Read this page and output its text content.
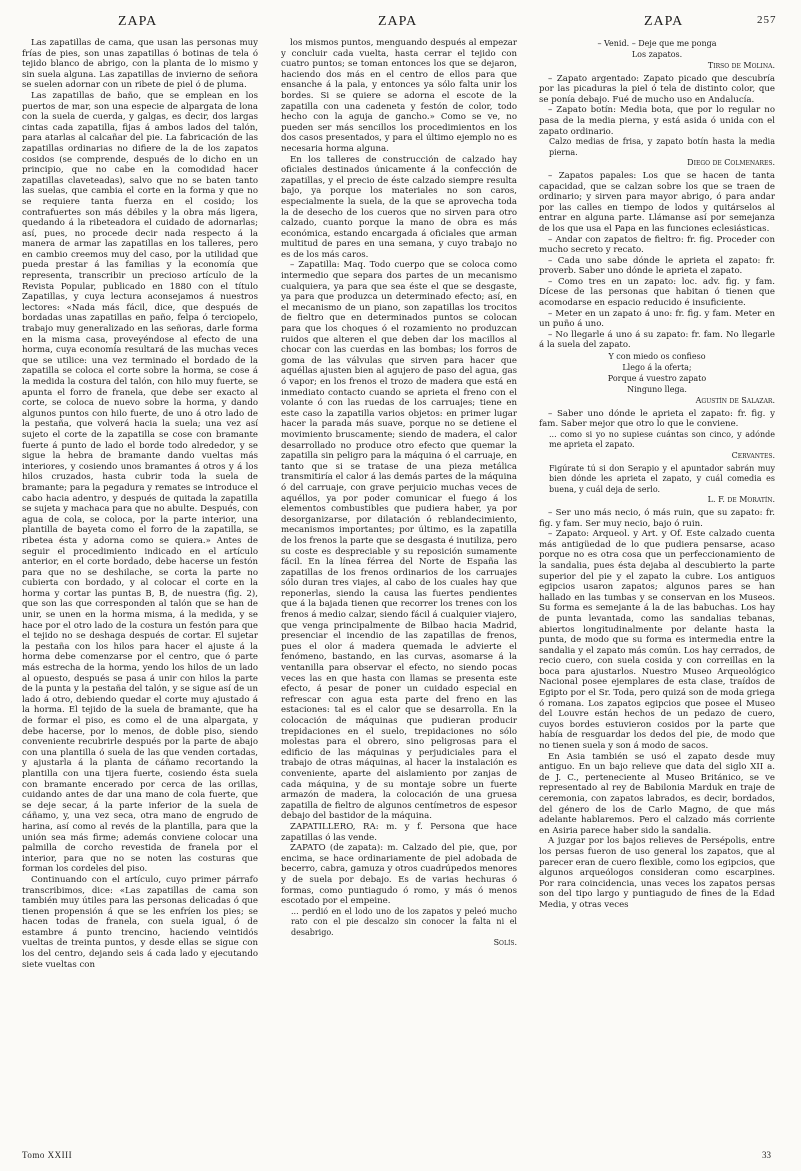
ZAPA	ZAPA	ZAPA	257

Las zapatillas de cama, que usan las personas muy frías de pies, son unas zapatillas ó botinas de tela ó tejido blanco de abrigo, con la planta de lo mismo y sin suela alguna. Las zapatillas de invierno de señora se suelen adornar con un ribete de piel ó de pluma.

Las zapatillas de baño, que se emplean en los puertos de mar, son una especie de alpargata de lona con la suela de cuerda, y galgas, es decir, dos largas cintas cada zapatilla, fijas á ambos lados del talón, para atarlas al calcañar del pie. La fabricación de las zapatillas ordinarias no difiere de la de los zapatos cosidos (se comprende, después de lo dicho en un principio, que no cabe en la comodidad hacer zapatillas claveteadas), salvo que no se baten tanto las suelas, que cambia el corte en la forma y que no se requiere tanta fuerza en el cosido; los contrafuertes son más débiles y la obra más ligera, quedando á la ribeteadora el cuidado de adornarlas; así, pues, no procede decir nada respecto á la manera de armar las zapatillas en los talleres, pero en cambio creemos muy del caso, por la utilidad que pueda prestar á las familias y la economía que representa, transcribir un precioso artículo de la Revista Popular, publicado en 1880 con el título Zapatillas, y cuya lectura aconsejamos á nuestros lectores: «Nada más fácil, dice, que después de bordadas unas zapatillas en paño, felpa ó terciopelo, trabajo muy generalizado en las señoras, darle forma en la misma casa, proveyéndose al efecto de una horma, cuya economía resultará de las muchas veces que se utilice: una vez terminado el bordado de la zapatilla se coloca el corte sobre la horma, se cose á la medida la costura del talón, con hilo muy fuerte, se apunta el forro de franela, que debe ser exacto al corte, se coloca de nuevo sobre la horma, y dando algunos puntos con hilo fuerte, de uno á otro lado de la pestaña, que volverá hacia la suela; una vez así sujeto el corte de la zapatilla se cose con bramante fuerte á punto de lado el borde todo alrededor, y se sigue la hebra de bramante dando vueltas más interiores, y cosiendo unos bramantes á otros y á los hilos cruzados, hasta cubrir toda la suela de bramante; para la pegadura y remates se introduce el cabo hacia adentro, y después de quitada la zapatilla se sujeta y machaca para que no abulte. Después, con agua de cola, se coloca, por la parte interior, una plantilla de bayeta como el forro de la zapatilla, se ribetea ésta y adorna como se quiera.» Antes de seguir el procedimiento indicado en el artículo anterior, en el corte bordado, debe hacerse un festón para que no se deshilache, se corta la parte no cubierta con bordado, y al colocar el corte en la horma y cortar las puntas B, B, de nuestra (fig. 2), que son las que corresponden al talón que se han de unir, se unen en la horma misma, á la medida, y se hace por el otro lado de la costura un festón para que el tejido no se deshaga después de cortar. El sujetar la pestaña con los hilos para hacer el ajuste á la horma debe comenzarse por el centro, que ó parte más estrecha de la horma, yendo los hilos de un lado al opuesto, después se pasa á unir con hilos la parte de la punta y la pestaña del talón, y se sigue así de un lado á otro, debiendo quedar el corte muy ajustado á la horma. El tejido de la suela de bramante, que ha de formar el piso, es como el de una alpargata, y debe hacerse, por lo menos, de doble piso, siendo conveniente recubrirle después por la parte de abajo con una plantilla ó suela de las que venden cortadas, y ajustarla á la planta de cáñamo recortando la plantilla con una tijera fuerte, cosiendo ésta suela con bramante encerado por cerca de las orillas, cuidando antes de dar una mano de cola fuerte, que se deje secar, á la parte inferior de la suela de cáñamo, y, una vez seca, otra mano de engrudo de harina, así como al revés de la plantilla, para que la unión sea más firme; además conviene colocar una palmilla de corcho revestida de franela por el interior, para que no se noten las costuras que forman los cordeles del piso.

Continuando con el artículo, cuyo primer párrafo transcribimos, dice: «Las zapatillas de cama son también muy útiles para las personas delicadas ó que tienen propensión á que se les enfríen los pies; se hacen todas de franela, con suela igual, ó de estambre á punto trencino, haciendo veintidós vueltas de treinta puntos, y desde ellas se sigue con los del centro, dejando seis á cada lado y ejecutando siete vueltas con

los mismos puntos, menguando después al empezar y concluir cada vuelta, hasta cerrar el tejido con cuatro puntos; se toman entonces los que se dejaron, haciendo dos más en el centro de ellos para que ensanche á la pala, y entonces ya sólo falta unir los bordes. Si se quiere se adorna el escote de la zapatilla con una cadeneta y festón de color, todo hecho con la aguja de gancho.» Como se ve, no pueden ser más sencillos los procedimientos en los dos casos presentados, y para el último ejemplo no es necesaria horma alguna.

En los talleres de construcción de calzado hay oficiales destinados únicamente á la confección de zapatillas, y el precio de éste calzado siempre resulta bajo, ya porque los materiales no son caros, especialmente la suela, de la que se aprovecha toda la de desecho de los cueros que no sirven para otro calzado, cuanto porque la mano de obra es más económica, estando encargada á oficiales que arman multitud de pares en una semana, y cuyo trabajo no es de los más caros.

– Zapatilla: Maq. Todo cuerpo que se coloca como intermedio que separa dos partes de un mecanismo cualquiera, ya para que sea éste el que se desgaste, ya para que produzca un determinado efecto; así, en el mecanismo de un piano, son zapatillas los trocitos de fieltro que en determinados puntos se colocan para que los choques ó el rozamiento no produzcan ruidos que alteren el que deben dar los macillos al chocar con las cuerdas en las bombas; los forros de goma de las válvulas que sirven para hacer que aquéllas ajusten bien al agujero de paso del agua, gas ó vapor; en los frenos el trozo de madera que está en inmediato contacto cuando se aprieta el freno con el volante ó con las ruedas de los carruajes; tiene en este caso la zapatilla varios objetos: en primer lugar hacer la parada más suave, porque no se detiene el movimiento bruscamente; siendo de madera, el calor desarrollado no produce otro efecto que quemar la zapatilla sin peligro para la máquina ó el carruaje, en tanto que si se tratase de una pieza metálica transmitiría el calor á las demás partes de la máquina ó del carruaje, con grave perjuicio muchas veces de aquéllos, ya por poder comunicar el fuego á los elementos combustibles que pudiera haber, ya por desorganizarse, por dilatación ó reblandecimiento, mecanismos importantes; por último, es la zapatilla de los frenos la parte que se desgasta é inutiliza, pero su coste es despreciable y su reposición sumamente fácil. En la línea férrea del Norte de España las zapatillas de los frenos ordinarios de los carruajes sólo duran tres viajes, al cabo de los cuales hay que reponerlas, siendo la causa las fuertes pendientes que á la bajada tienen que recorrer los trenes con los frenos á medio calzar, siendo fácil á cualquier viajero, que venga principalmente de Bilbao hacia Madrid, presenciar el incendio de las zapatillas de frenos, pues el olor á madera quemada le advierte el fenómeno, bastando, en las curvas, asomarse á la ventanilla para observar el efecto, no siendo pocas veces las en que hasta con llamas se presenta este efecto, á pesar de poner un cuidado especial en refrescar con agua esta parte del freno en las estaciones: tal es el calor que se desarrolla. En la colocación de máquinas que pudieran producir trepidaciones en el suelo, trepidaciones no sólo molestas para el obrero, sino peligrosas para el edificio de las máquinas y perjudiciales para el trabajo de otras máquinas, al hacer la instalación es conveniente, aparte del aislamiento por zanjas de cada máquina, y de su montaje sobre un fuerte armazón de madera, la colocación de una gruesa zapatilla de fieltro de algunos centímetros de espesor debajo del bastidor de la máquina.

ZAPATILLERO, RA: m. y f. Persona que hace zapatillas ó las vende.

ZAPATO (de zapata): m. Calzado del pie, que, por encima, se hace ordinariamente de piel adobada de becerro, cabra, gamuza y otros cuadrúpedos menores y de suela por debajo. Es de varias hechuras ó formas, como puntiagudo ó romo, y más ó menos escotado por el empeine.

... perdió en el lodo uno de los zapatos y peleó mucho rato con el pie descalzo sin conocer la falta ni el desabrigo.

Solís.

– Venid. – Deje que me ponga

Los zapatos.

Tirso de Molina.

– Zapato argentado: Zapato picado que descubría por las picaduras la piel ó tela de distinto color, que se ponía debajo. Fué de mucho uso en Andalucía.

– Zapato botín: Media bota, que por lo regular no pasa de la media pierna, y está asida ó unida con el zapato ordinario.

Calzo medias de frisa, y zapato botín hasta la media pierna.

Diego de Colmenares.

– Zapatos papales: Los que se hacen de tanta capacidad, que se calzan sobre los que se traen de ordinario; y sirven para mayor abrigo, ó para andar por las calles en tiempo de lodos y quitárselos al entrar en alguna parte. Llámanse así por semejanza de los que usa el Papa en las funciones eclesiásticas.

– Andar con zapatos de fieltro: fr. fig. Proceder con mucho secreto y recato.

– Cada uno sabe dónde le aprieta el zapato: fr. proverb. Saber uno dónde le aprieta el zapato.

– Como tres en un zapato: loc. adv. fig. y fam. Dícese de las personas que habitan ó tienen que acomodarse en espacio reducido é insuficiente.

– Meter en un zapato á uno: fr. fig. y fam. Meter en un puño á uno.

– No llegarle á uno á su zapato: fr. fam. No llegarle á la suela del zapato.

Y con miedo os confieso

Llego á la oferta;

Porque á vuestro zapato

Ninguno llega.

Agustín de Salazar.

– Saber uno dónde le aprieta el zapato: fr. fig. y fam. Saber mejor que otro lo que le conviene.

... como si yo no supiese cuántas son cinco, y adónde me aprieta el zapato.

Cervantes.

Figúrate tú si don Serapio y el apuntador sabrán muy bien dónde les aprieta el zapato, y cuál comedia es buena, y cuál deja de serlo.

L. F. de Moratín.

– Ser uno más necio, ó más ruin, que su zapato: fr. fig. y fam. Ser muy necio, bajo ó ruin.

– Zapato: Arqueol. y Art. y Of. Este calzado cuenta más antigüedad de lo que pudiera pensarse, acaso porque no es otra cosa que un perfeccionamiento de la sandalia, pues ésta dejaba al descubierto la parte superior del pie y el zapato la cubre. Los antiguos egipcios usaron zapatos; algunos pares se han hallado en las tumbas y se conservan en los Museos. Su forma es semejante á la de las babuchas. Los hay de punta levantada, como las sandalias tebanas, abiertos longitudinalmente por delante hasta la punta, de modo que su forma es intermedia entre la sandalia y el zapato más común. Los hay cerrados, de recio cuero, con suela cosida y con correillas en la boca para ajustarlos. Nuestro Museo Arqueológico Nacional posee ejemplares de esta clase, traídos de Egipto por el Sr. Toda, pero quizá son de moda griega ó romana. Los zapatos egipcios que posee el Museo del Louvre están hechos de un pedazo de cuero, cuyos bordes estuvieron cosidos por la parte que había de resguardar los dedos del pie, de modo que no tienen suela y son á modo de sacos.

En Asia también se usó el zapato desde muy antiguo. En un bajo relieve que data del siglo XII a. de J. C., perteneciente al Museo Británico, se ve representado al rey de Babilonia Marduk en traje de ceremonia, con zapatos labrados, es decir, bordados, del género de los de Carlo Magno, de que más adelante hablaremos. Pero el calzado más corriente en Asiria parece haber sido la sandalia.

A juzgar por los bajos relieves de Persépolis, entre los persas fueron de uso general los zapatos, que al parecer eran de cuero flexible, como los egipcios, que algunos arqueólogos consideran como escarpines. Por rara coincidencia, unas veces los zapatos persas son del tipo largo y puntiagudo de fines de la Edad Media, y otras veces

Tomo XXIII	33
